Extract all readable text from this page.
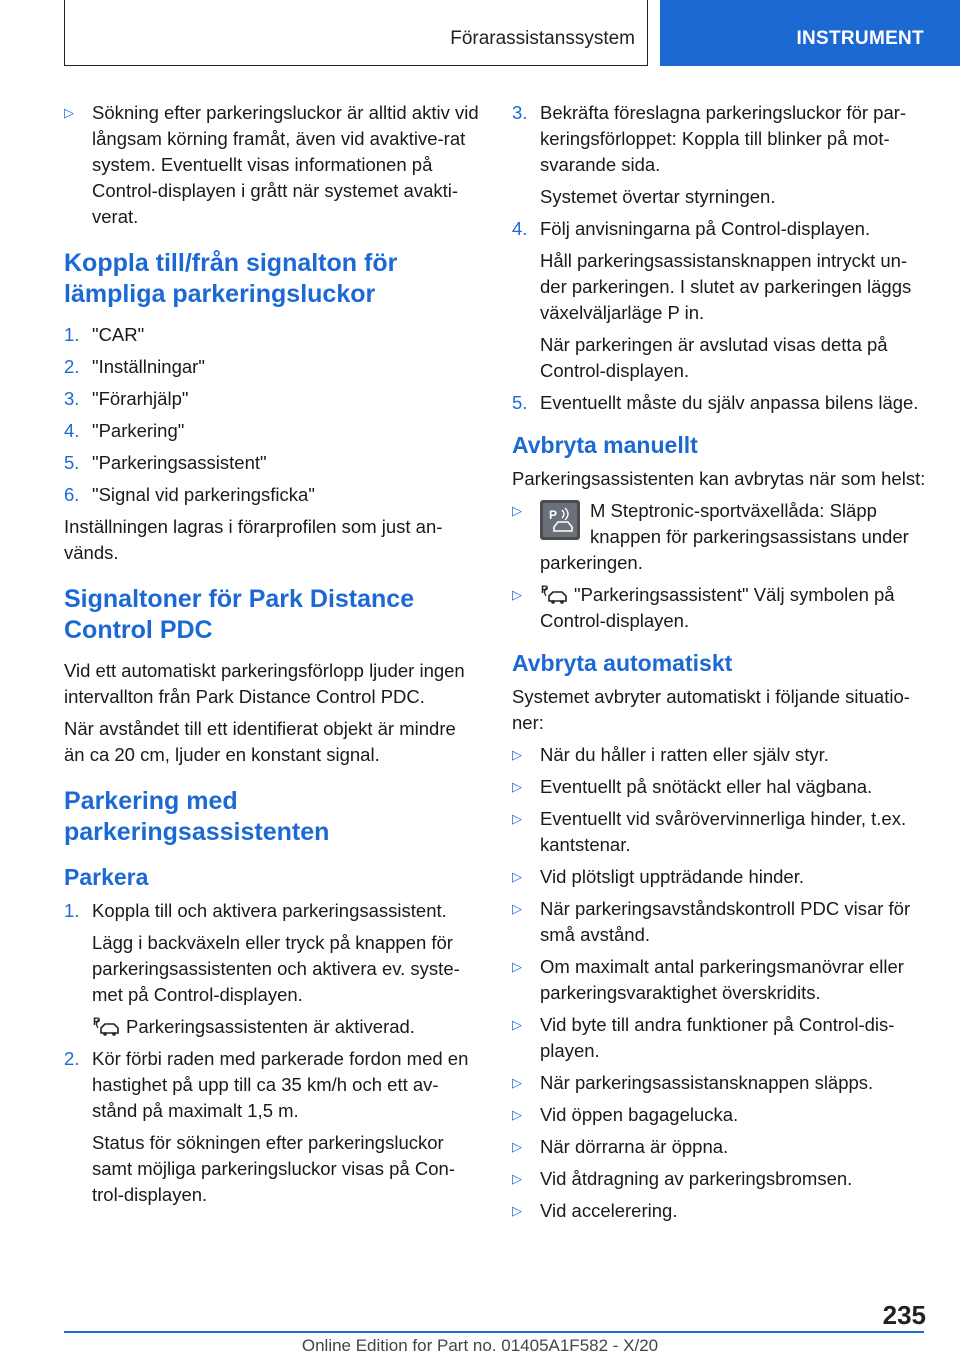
Förarassistanssystem	INSTRUMENT
▷ Sökning efter parkeringsluckor är alltid aktiv vid långsam körning framåt, även vid avaktive-rat system. Eventuellt visas informationen på Control-displayen i grått när systemet avakti-verat.
Koppla till/från signalton för lämpliga parkeringsluckor
1. "CAR"
2. "Inställningar"
3. "Förarhjälp"
4. "Parkering"
5. "Parkeringsassistent"
6. "Signal vid parkeringsficka"

Inställningen lagras i förarprofilen som just an-vänds.

Signaltoner för Park Distance Control PDC

Vid ett automatiskt parkeringsförlopp ljuder ingen intervallton från Park Distance Control PDC.

När avståndet till ett identifierat objekt är mindre än ca 20 cm, ljuder en konstant signal.

Parkering med parkeringsassistenten
Parkera
1. Koppla till och aktivera parkeringsassistent.

Lägg i backväxeln eller tryck på knappen för parkeringsassistenten och aktivera ev. syste-met på Control-displayen.

P Parkeringsassistenten är aktiverad.

2. Kör förbi raden med parkerade fordon med en hastighet på upp till ca 35 km/h och ett av-stånd på maximalt 1,5 m.

Status för sökningen efter parkeringsluckor samt möjliga parkeringsluckor visas på Con-trol-displayen.

3. Bekräfta föreslagna parkeringsluckor för par-keringsförloppet: Koppla till blinker på mot-svarande sida.

Systemet övertar styrningen.

4. Följ anvisningarna på Control-displayen.

Håll parkeringsassistansknappen intryckt un-der parkeringen. I slutet av parkeringen läggs växelväljarläge P in.

När parkeringen är avslutad visas detta på Control-displayen.

5. Eventuellt måste du själv anpassa bilens läge.
Avbryta manuellt

Parkeringsassistenten kan avbrytas när som helst:

▷	P M Steptronic-sportväxellåda: Släpp knappen för parkeringsassistans under parkeringen.
▷	P "Parkeringsassistent" Välj symbolen på Control-displayen.
Avbryta automatiskt

Systemet avbryter automatiskt i följande situatio-ner:

▷ När du håller i ratten eller själv styr.
▷ Eventuellt på snötäckt eller hal vägbana.
▷ Eventuellt vid svårövervinnerliga hinder, t.ex. kantstenar.
▷ Vid plötsligt uppträdande hinder.
▷ När parkeringsavståndskontroll PDC visar för små avstånd.
▷ Om maximalt antal parkeringsmanövrar eller parkeringsvaraktighet överskridits.
▷ Vid byte till andra funktioner på Control-dis-playen.
▷ När parkeringsassistansknappen släpps.
▷ Vid öppen bagagelucka.
▷ När dörrarna är öppna.
▷ Vid åtdragning av parkeringsbromsen.
▷ Vid accelerering.
235
Online Edition for Part no. 01405A1F582 - X/20
